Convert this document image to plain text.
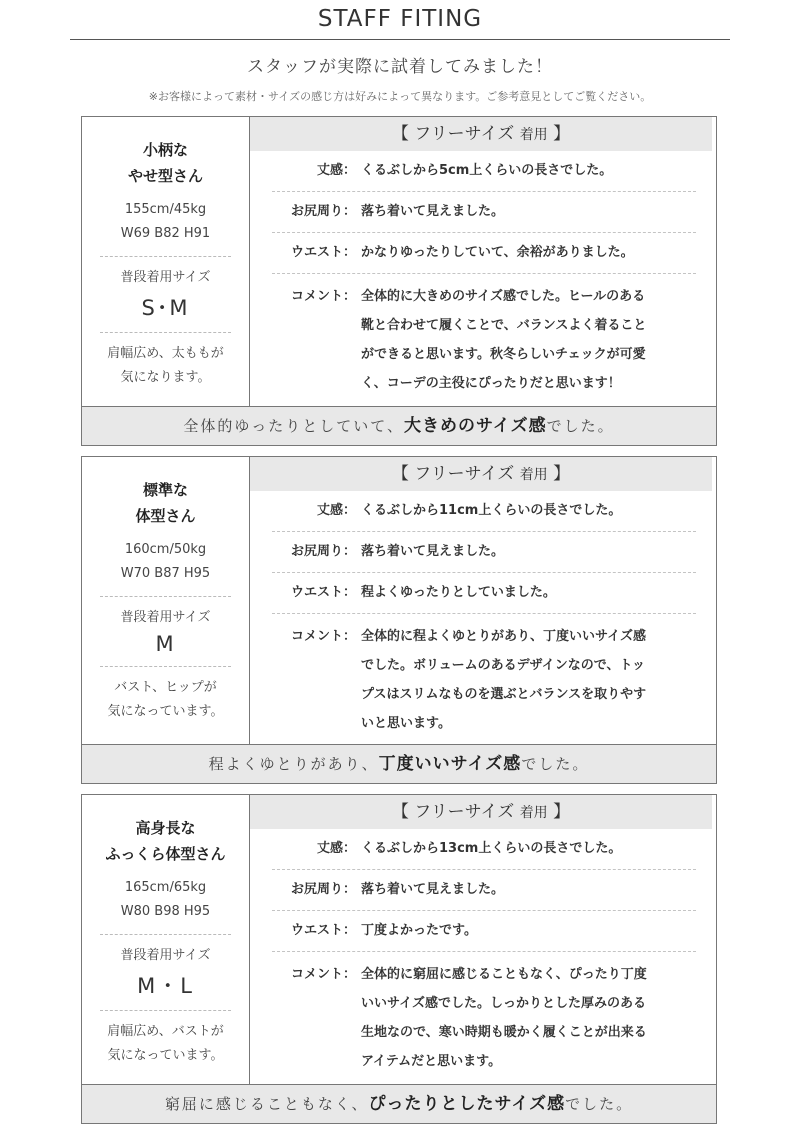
STAFF FITING
スタッフが実際に試着してみました！
※お客様によって素材・サイズの感じ方は好みによって異なります。ご参考意見としてご覧ください。
小柄な
やせ型さん
155cm/45kg
W69 B82 H91
普段着用サイズ
S･M
肩幅広め、太ももが
気になります。
【 フリーサイズ 着用 】
丈感： くるぶしから5cm上くらいの長さでした。
お尻周り： 落ち着いて見えました。
ウエスト： かなりゆったりしていて、余裕がありました。
コメント： 全体的に大きめのサイズ感でした。ヒールのある
靴と合わせて履くことで、バランスよく着ること
ができると思います。秋冬らしいチェックが可愛
く、コーデの主役にぴったりだと思います！
全体的ゆったりとしていて、大きめのサイズ感でした。
標準な
体型さん
160cm/50kg
W70 B87 H95
普段着用サイズ
M
バスト、ヒップが
気になっています。
【 フリーサイズ 着用 】
丈感： くるぶしから11cm上くらいの長さでした。
お尻周り： 落ち着いて見えました。
ウエスト： 程よくゆったりとしていました。
コメント： 全体的に程よくゆとりがあり、丁度いいサイズ感
でした。ボリュームのあるデザインなので、トッ
プスはスリムなものを選ぶとバランスを取りやす
いと思います。
程よくゆとりがあり、丁度いいサイズ感でした。
高身長な
ふっくら体型さん
165cm/65kg
W80 B98 H95
普段着用サイズ
M・L
肩幅広め、バストが
気になっています。
【 フリーサイズ 着用 】
丈感： くるぶしから13cm上くらいの長さでした。
お尻周り： 落ち着いて見えました。
ウエスト： 丁度よかったです。
コメント： 全体的に窮屈に感じることもなく、ぴったり丁度
いいサイズ感でした。しっかりとした厚みのある
生地なので、寒い時期も暖かく履くことが出来る
アイテムだと思います。
窮屈に感じることもなく、ぴったりとしたサイズ感でした。
